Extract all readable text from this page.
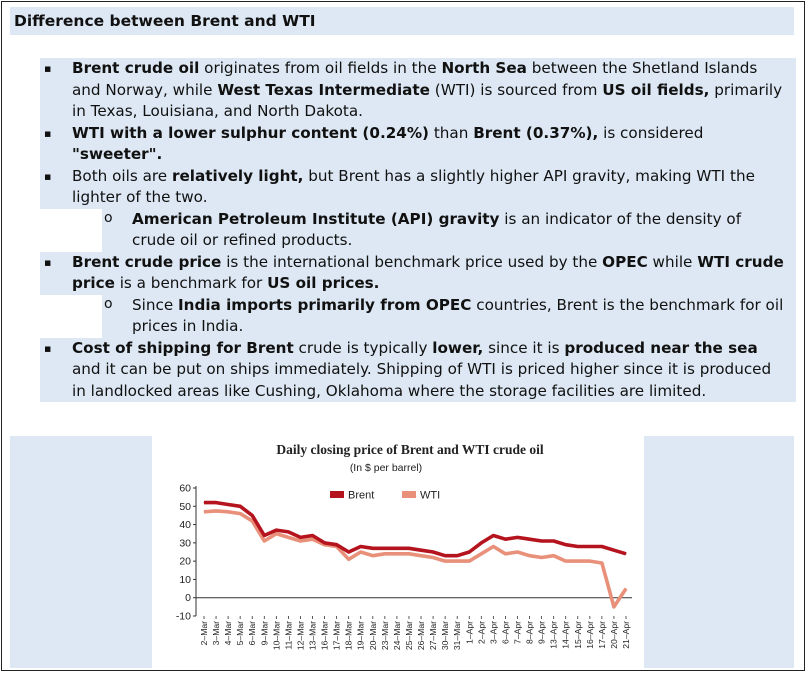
Difference between Brent and WTI
▪ Brent crude oil originates from oil fields in the North Sea between the Shetland Islands and Norway, while West Texas Intermediate (WTI) is sourced from US oil fields, primarily in Texas, Louisiana, and North Dakota.
▪ WTI with a lower sulphur content (0.24%) than Brent (0.37%), is considered "sweeter".
▪ Both oils are relatively light, but Brent has a slightly higher API gravity, making WTI the lighter of the two.
o American Petroleum Institute (API) gravity is an indicator of the density of crude oil or refined products.
▪ Brent crude price is the international benchmark price used by the OPEC while WTI crude price is a benchmark for US oil prices.
o Since India imports primarily from OPEC countries, Brent is the benchmark for oil prices in India.
▪ Cost of shipping for Brent crude is typically lower, since it is produced near the sea and it can be put on ships immediately. Shipping of WTI is priced higher since it is produced in landlocked areas like Cushing, Oklahoma where the storage facilities are limited.
Daily closing price of Brent and WTI crude oil
(In $ per barrel)
-10
0
10
20
30
40
50
60
2–Mar 3–Mar 4–Mar 5–Mar 6–Mar 9–Mar 10–Mar 11–Mar 12–Mar 13–Mar 16–Mar 17–Mar 18–Mar 19–Mar 20–Mar 23–Mar 24–Mar 25–Mar 26–Mar 27–Mar 30–Mar 31–Mar 1–Apr 2–Apr 3–Apr 6–Apr 7–Apr 8–Apr 9–Apr 13–Apr 14–Apr 15–Apr 16–Apr 17–Apr 20–Apr 21–Apr
Brent	WTI
